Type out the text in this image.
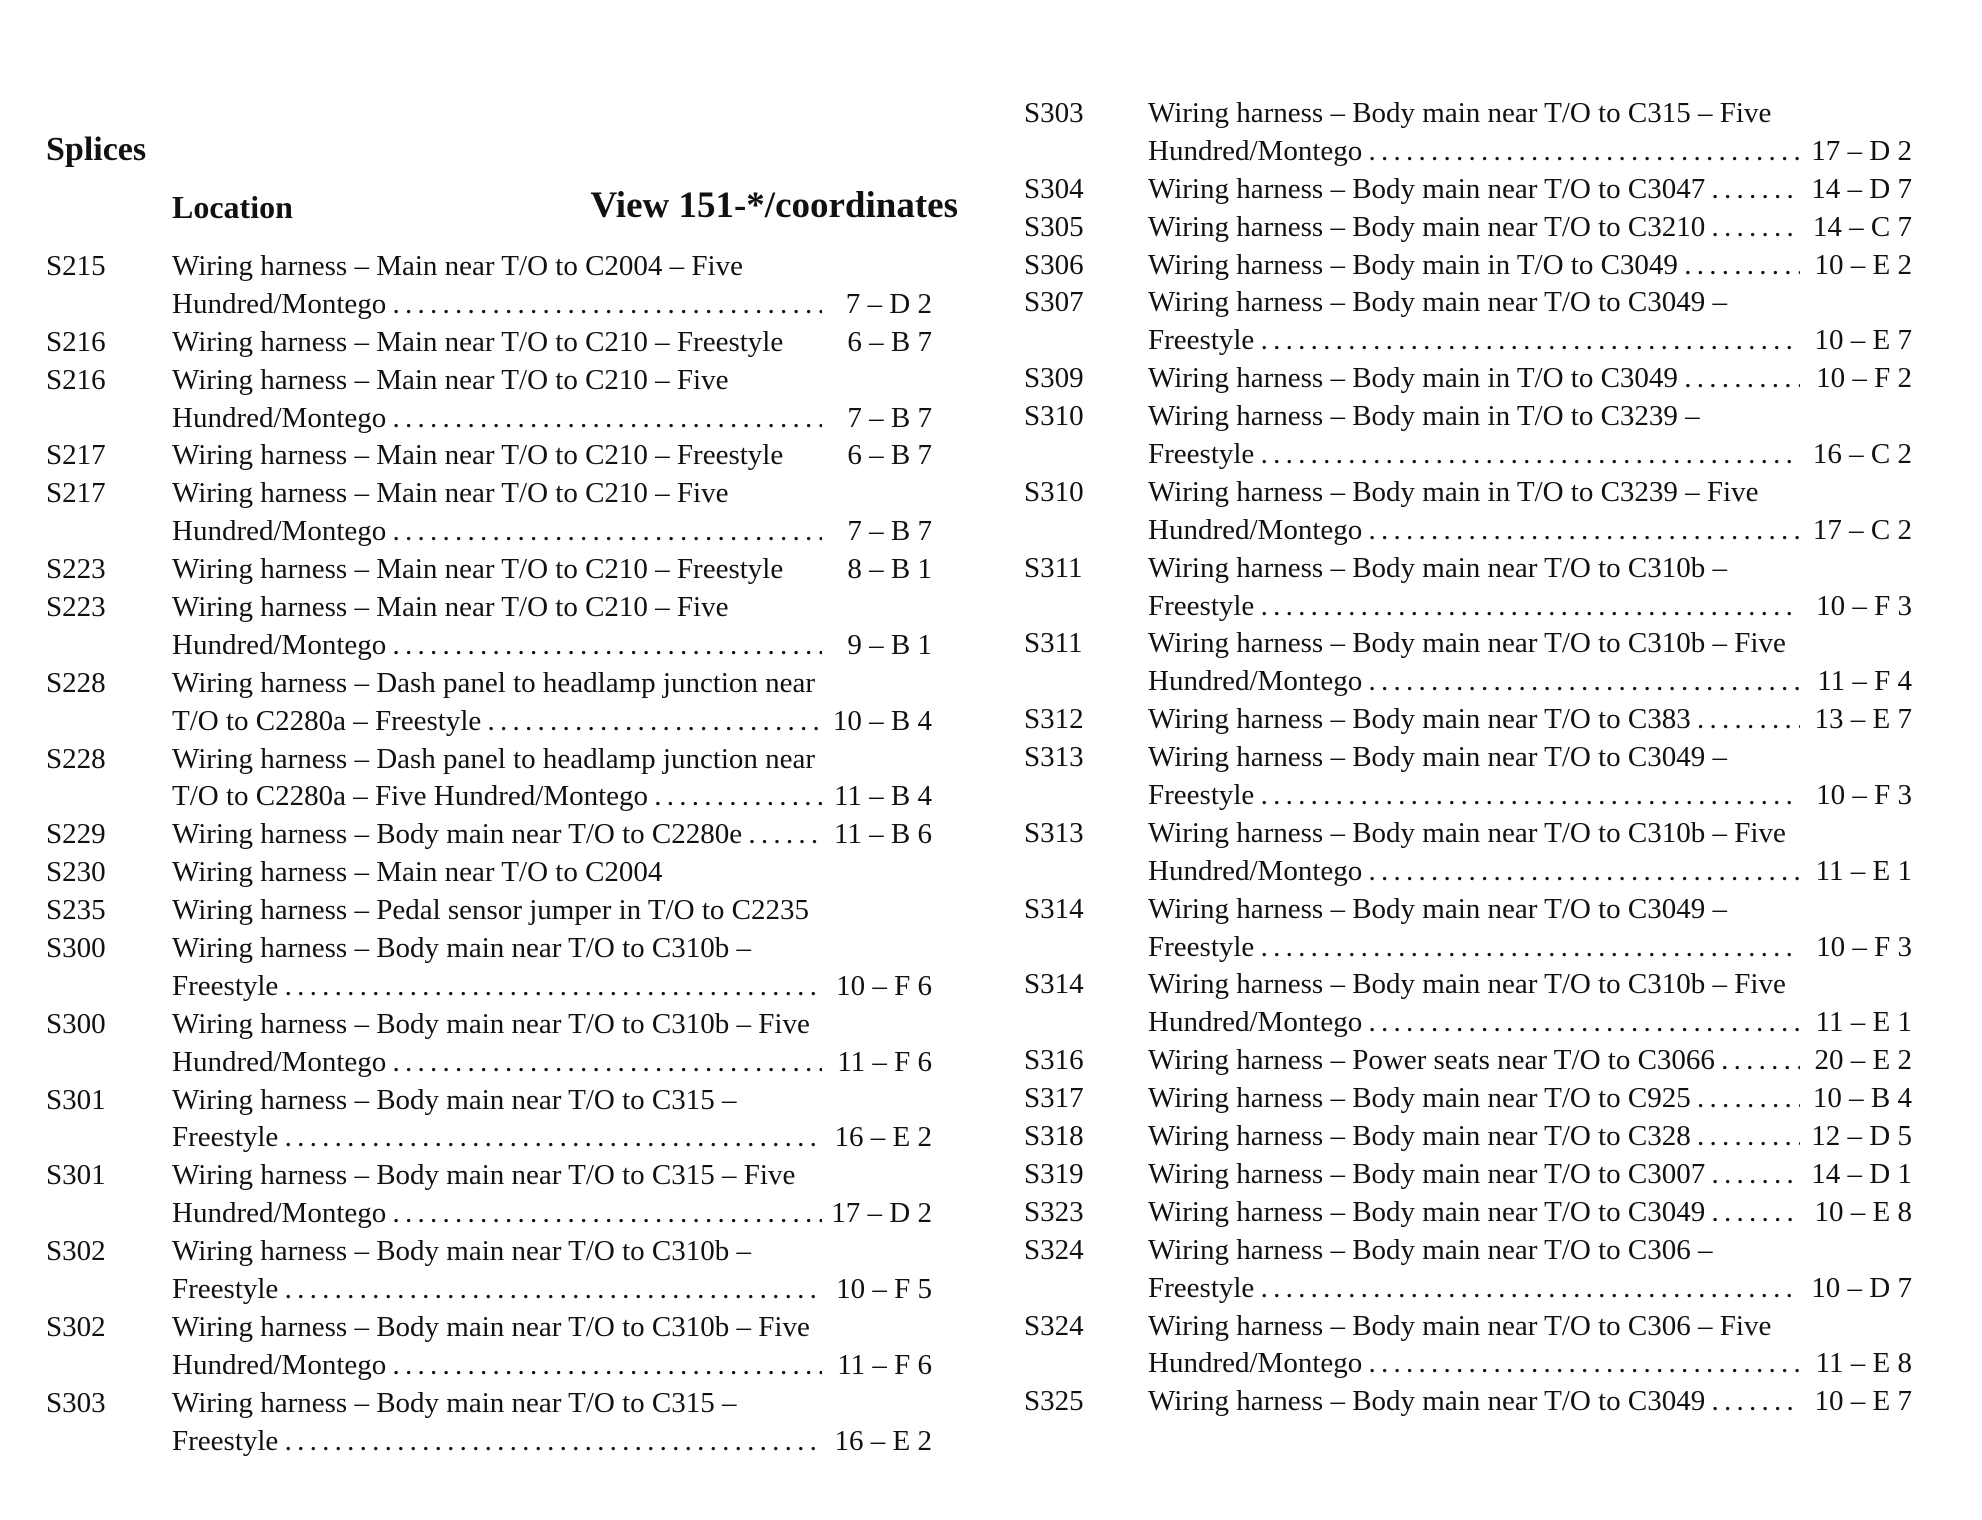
Splices
Location	View 151-*/coordinates
S215	Wiring harness – Main near T/O to C2004 – Five
Hundred/Montego . . .	7 – D 2
S216	Wiring harness – Main near T/O to C210 – Freestyle	6 – B 7
S216	Wiring harness – Main near T/O to C210 – Five
Hundred/Montego . . .	7 – B 7
S217	Wiring harness – Main near T/O to C210 – Freestyle	6 – B 7
S217	Wiring harness – Main near T/O to C210 – Five
Hundred/Montego . . .	7 – B 7
S223	Wiring harness – Main near T/O to C210 – Freestyle	8 – B 1
S223	Wiring harness – Main near T/O to C210 – Five
Hundred/Montego . . .	9 – B 1
S228	Wiring harness – Dash panel to headlamp junction near
T/O to C2280a – Freestyle . . .	10 – B 4
S228	Wiring harness – Dash panel to headlamp junction near
T/O to C2280a – Five Hundred/Montego . . .	11 – B 4
S229	Wiring harness – Body main near T/O to C2280e . . .	11 – B 6
S230	Wiring harness – Main near T/O to C2004
S235	Wiring harness – Pedal sensor jumper in T/O to C2235
S300	Wiring harness – Body main near T/O to C310b –
Freestyle . . .	10 – F 6
S300	Wiring harness – Body main near T/O to C310b – Five
Hundred/Montego . . .	11 – F 6
S301	Wiring harness – Body main near T/O to C315 –
Freestyle . . .	16 – E 2
S301	Wiring harness – Body main near T/O to C315 – Five
Hundred/Montego . . .	17 – D 2
S302	Wiring harness – Body main near T/O to C310b –
Freestyle . . .	10 – F 5
S302	Wiring harness – Body main near T/O to C310b – Five
Hundred/Montego . . .	11 – F 6
S303	Wiring harness – Body main near T/O to C315 –
Freestyle . . .	16 – E 2
S303	Wiring harness – Body main near T/O to C315 – Five
Hundred/Montego . . .	17 – D 2
S304	Wiring harness – Body main near T/O to C3047 . . .	14 – D 7
S305	Wiring harness – Body main near T/O to C3210 . . .	14 – C 7
S306	Wiring harness – Body main in T/O to C3049 . . .	10 – E 2
S307	Wiring harness – Body main near T/O to C3049 –
Freestyle . . .	10 – E 7
S309	Wiring harness – Body main in T/O to C3049 . . .	10 – F 2
S310	Wiring harness – Body main in T/O to C3239 –
Freestyle . . .	16 – C 2
S310	Wiring harness – Body main in T/O to C3239 – Five
Hundred/Montego . . .	17 – C 2
S311	Wiring harness – Body main near T/O to C310b –
Freestyle . . .	10 – F 3
S311	Wiring harness – Body main near T/O to C310b – Five
Hundred/Montego . . .	11 – F 4
S312	Wiring harness – Body main near T/O to C383 . . .	13 – E 7
S313	Wiring harness – Body main near T/O to C3049 –
Freestyle . . .	10 – F 3
S313	Wiring harness – Body main near T/O to C310b – Five
Hundred/Montego . . .	11 – E 1
S314	Wiring harness – Body main near T/O to C3049 –
Freestyle . . .	10 – F 3
S314	Wiring harness – Body main near T/O to C310b – Five
Hundred/Montego . . .	11 – E 1
S316	Wiring harness – Power seats near T/O to C3066 . . .	20 – E 2
S317	Wiring harness – Body main near T/O to C925 . . .	10 – B 4
S318	Wiring harness – Body main near T/O to C328 . . .	12 – D 5
S319	Wiring harness – Body main near T/O to C3007 . . .	14 – D 1
S323	Wiring harness – Body main near T/O to C3049 . . .	10 – E 8
S324	Wiring harness – Body main near T/O to C306 –
Freestyle . . .	10 – D 7
S324	Wiring harness – Body main near T/O to C306 – Five
Hundred/Montego . . .	11 – E 8
S325	Wiring harness – Body main near T/O to C3049 . . .	10 – E 7
